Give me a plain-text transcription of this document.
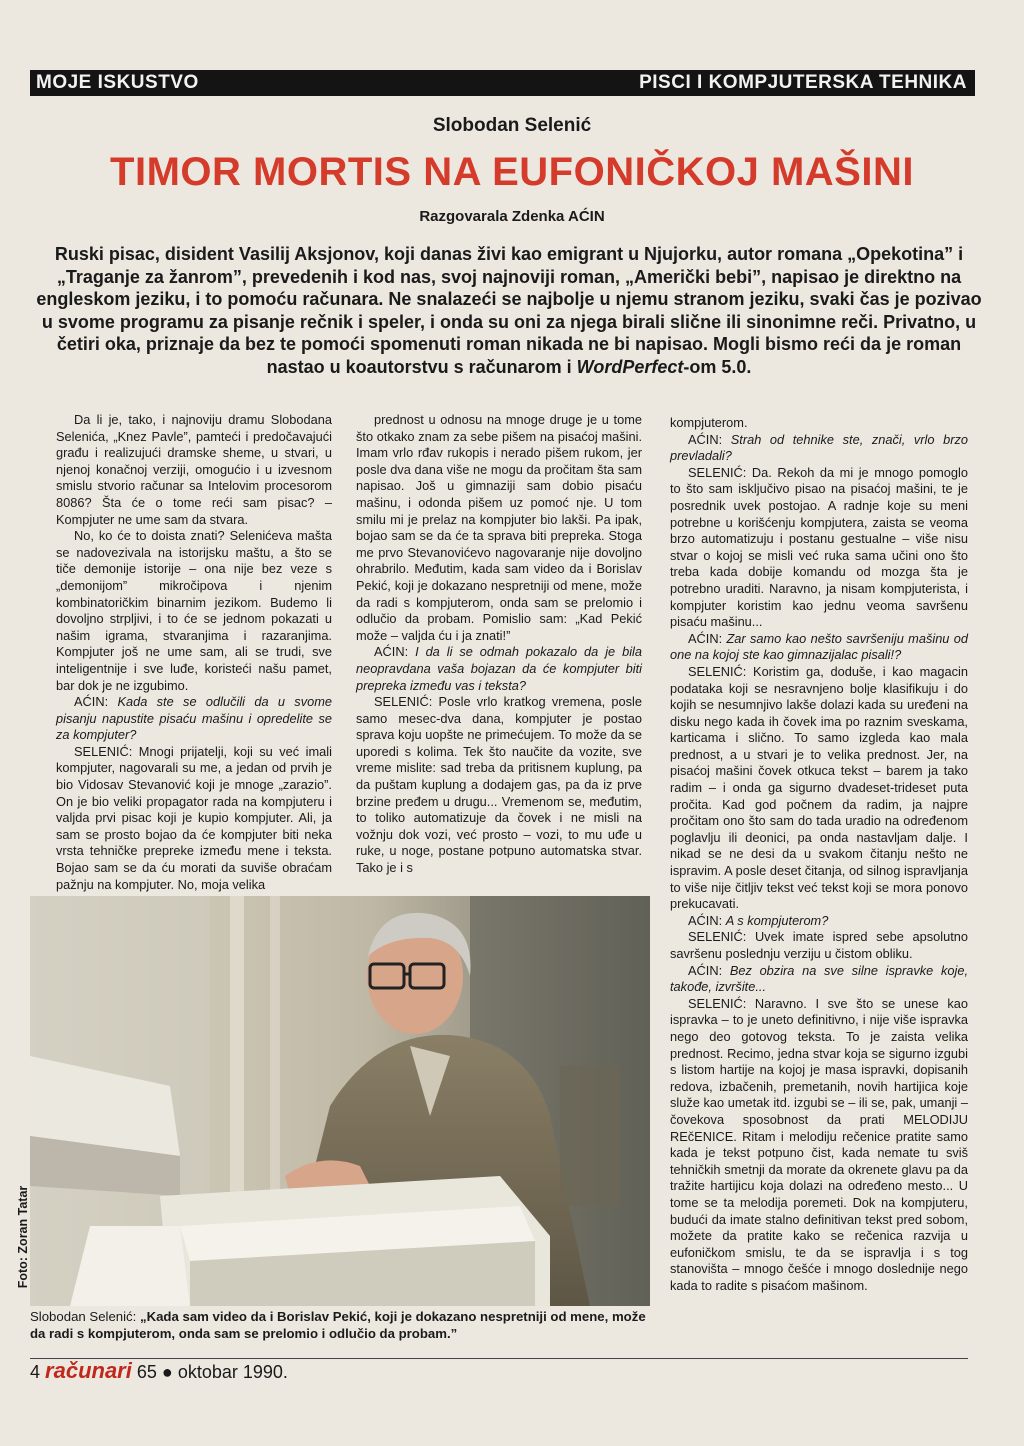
MOJE ISKUSTVO	PISCI I KOMPJUTERSKA TEHNIKA
Slobodan Selenić
TIMOR MORTIS NA EUFONIČKOJ MAŠINI
Razgovarala Zdenka AĆIN
Ruski pisac, disident Vasilij Aksjonov, koji danas živi kao emigrant u Njujorku, autor romana „Opekotina” i „Traganje za žanrom”, prevedenih i kod nas, svoj najnoviji roman, „Američki bebi”, napisao je direktno na engleskom jeziku, i to pomoću računara. Ne snalazeći se najbolje u njemu stranom jeziku, svaki čas je pozivao u svome programu za pisanje rečnik i speler, i onda su oni za njega birali slične ili sinonimne reči. Privatno, u četiri oka, priznaje da bez te pomoći spomenuti roman nikada ne bi napisao. Mogli bismo reći da je roman nastao u koautorstvu s računarom i WordPerfect-om 5.0.

Da li je, tako, i najnoviju dramu Slobodana Selenića, „Knez Pavle”, pamteći i predočavajući građu i realizujući dramske sheme, u stvari, u njenoj konačnoj verziji, omogućio i u izvesnom smislu stvorio računar sa Intelovim procesorom 8086? Šta će o tome reći sam pisac? – Kompjuter ne ume sam da stvara.

No, ko će to doista znati? Selenićeva mašta se nadovezivala na istorijsku maštu, a što se tiče demonije istorije – ona nije bez veze s „demonijom” mikročipova i njenim kombinatoričkim binarnim jezikom. Budemo li dovoljno strpljivi, i to će se jednom pokazati u našim igrama, stvaranjima i razaranjima. Kompjuter još ne ume sam, ali se trudi, sve inteligentnije i sve luđe, koristeći našu pamet, bar dok je ne izgubimo.

AĆIN: Kada ste se odlučili da u svome pisanju napustite pisaću mašinu i opredelite se za kompjuter?

SELENIĆ: Mnogi prijatelji, koji su već imali kompjuter, nagovarali su me, a jedan od prvih je bio Vidosav Stevanović koji je mnoge „zarazio”. On je bio veliki propagator rada na kompjuteru i valjda prvi pisac koji je kupio kompjuter. Ali, ja sam se prosto bojao da će kompjuter biti neka vrsta tehničke prepreke između mene i teksta. Bojao sam se da ću morati da suviše obraćam pažnju na kompjuter. No, moja velika

prednost u odnosu na mnoge druge je u tome što otkako znam za sebe pišem na pisaćoj mašini. Imam vrlo rđav rukopis i nerado pišem rukom, jer posle dva dana više ne mogu da pročitam šta sam napisao. Još u gimnaziji sam dobio pisaću mašinu, i odonda pišem uz pomoć nje. U tom smilu mi je prelaz na kompjuter bio lakši. Pa ipak, bojao sam se da će ta sprava biti prepreka. Stoga me prvo Stevanovićevo nagovaranje nije dovoljno ohrabrilo. Međutim, kada sam video da i Borislav Pekić, koji je dokazano nespretniji od mene, može da radi s kompjuterom, onda sam se prelomio i odlučio da probam. Pomislio sam: „Kad Pekić može – valjda ću i ja znati!”

AĆIN: I da li se odmah pokazalo da je bila neopravdana vaša bojazan da će kompjuter biti prepreka između vas i teksta?

SELENIĆ: Posle vrlo kratkog vremena, posle samo mesec-dva dana, kompjuter je postao sprava koju uopšte ne primećujem. To može da se uporedi s kolima. Tek što naučite da vozite, sve vreme mislite: sad treba da pritisnem kuplung, pa da puštam kuplung a dodajem gas, pa da iz prve brzine pređem u drugu... Vremenom se, međutim, to toliko automatizuje da čovek i ne misli na vožnju dok vozi, već prosto – vozi, to mu uđe u ruke, u noge, postane potpuno automatska stvar. Tako je i s

kompjuterom.

AĆIN: Strah od tehnike ste, znači, vrlo brzo prevladali?

SELENIĆ: Da. Rekoh da mi je mnogo pomoglo to što sam isključivo pisao na pisaćoj mašini, te je posrednik uvek postojao. A radnje koje su meni potrebne u korišćenju kompjutera, zaista se veoma brzo automatizuju i postanu gestualne – više nisu stvar o kojoj se misli već ruka sama učini ono što treba kada dobije komandu od mozga šta je potrebno uraditi. Naravno, ja nisam kompjuterista, i kompjuter koristim kao jednu veoma savršenu pisaću mašinu...

AĆIN: Zar samo kao nešto savršeniju mašinu od one na kojoj ste kao gimnazijalac pisali!?

SELENIĆ: Koristim ga, doduše, i kao magacin podataka koji se nesravnjeno bolje klasifikuju i do kojih se nesumnjivo lakše dolazi kada su uređeni na disku nego kada ih čovek ima po raznim sveskama, karticama i slično. To samo izgleda kao mala prednost, a u stvari je to velika prednost. Jer, na pisaćoj mašini čovek otkuca tekst – barem ja tako radim – i onda ga sigurno dvadeset-trideset puta pročita. Kad god počnem da radim, ja najpre pročitam ono što sam do tada uradio na određenom poglavlju ili deonici, pa onda nastavljam dalje. I nikad se ne desi da u svakom čitanju nešto ne ispravim. A posle deset čitanja, od silnog ispravljanja to više nije čitljiv tekst već tekst koji se mora ponovo prekucavati.

AĆIN: A s kompjuterom?

SELENIĆ: Uvek imate ispred sebe apsolutno savršenu poslednju verziju u čistom obliku.

AĆIN: Bez obzira na sve silne ispravke koje, takođe, izvršite...

SELENIĆ: Naravno. I sve što se unese kao ispravka – to je uneto definitivno, i nije više ispravka nego deo gotovog teksta. To je zaista velika prednost. Recimo, jedna stvar koja se sigurno izgubi s listom hartije na kojoj je masa ispravki, dopisanih redova, izbačenih, premetanih, novih hartijica koje služe kao umetak itd. izgubi se – ili se, pak, umanji – čovekova sposobnost da prati MELODIJU REčENICE. Ritam i melodiju rečenice pratite samo kada je tekst potpuno čist, kada nemate tu sviš tehničkih smetnji da morate da okrenete glavu pa da tražite hartijicu koja dolazi na određeno mesto... U tome se ta melodija poremeti. Dok na kompjuteru, budući da imate stalno definitivan tekst pred sobom, možete da pratite kako se rečenica razvija u eufoničkom smislu, te da se ispravlja i s tog stanovišta – mnogo češće i mnogo doslednije nego kada to radite s pisaćom mašinom.

Foto: Zoran Tatar
Slobodan Selenić: „Kada sam video da i Borislav Pekić, koji je dokazano nespretniji od mene, može da radi s kompjuterom, onda sam se prelomio i odlučio da probam.”
4 računari 65 ● oktobar 1990.
